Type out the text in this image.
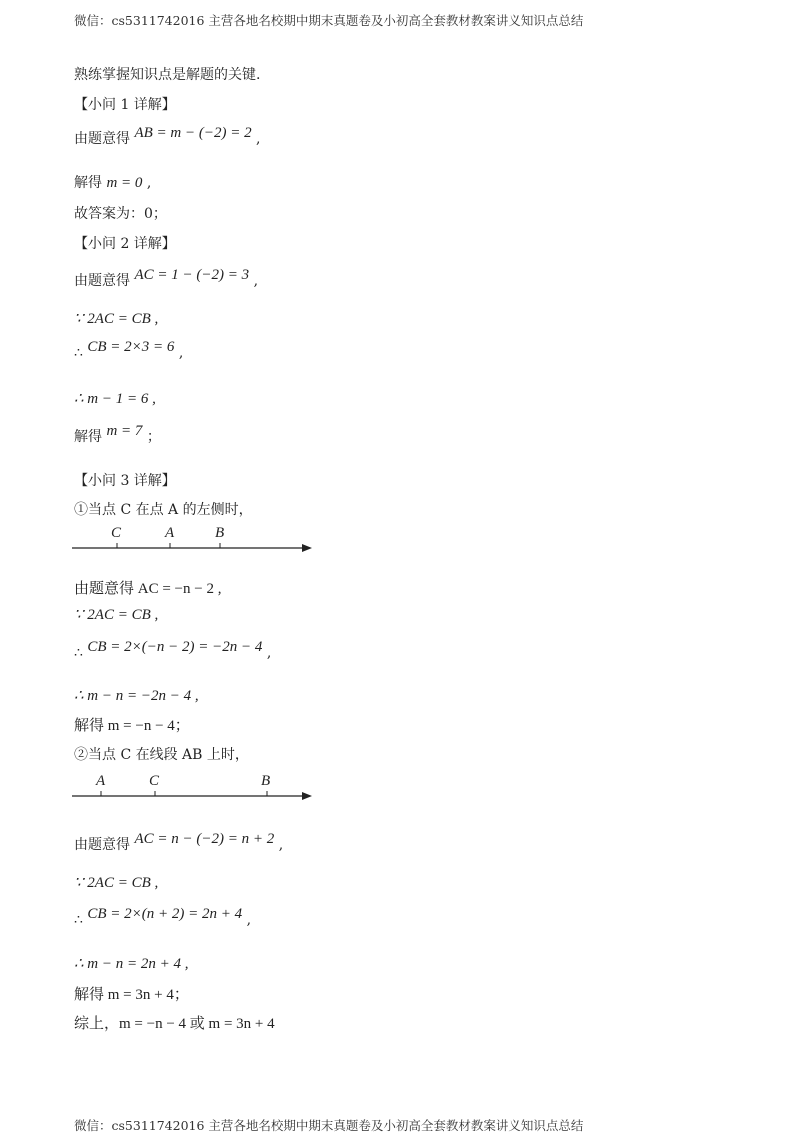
微信：cs5311742016 主营各地名校期中期末真题卷及小初高全套教材教案讲义知识点总结
熟练掌握知识点是解题的关键.
【小问 1 详解】
由题意得 AB = m − (−2) = 2 ,
解得 m = 0 ,
故答案为：0；
【小问 2 详解】
由题意得 AC = 1 − (−2) = 3 ,
∵ 2AC = CB ,
∴ CB = 2×3 = 6 ,
∴ m − 1 = 6 ,
解得 m = 7 ；
【小问 3 详解】
①当点 C 在点 A 的左侧时，
C	A	B
由题意得 AC = −n − 2 ,
∵ 2AC = CB ,
∴ CB = 2×(−n − 2) = −2n − 4 ,
∴ m − n = −2n − 4 ,
解得 m = −n − 4；
②当点 C 在线段 AB 上时，
A	C	B
由题意得 AC = n − (−2) = n + 2 ,
∵ 2AC = CB ,
∴ CB = 2×(n + 2) = 2n + 4 ,
∴ m − n = 2n + 4 ,
解得 m = 3n + 4；
综上，m = −n − 4 或 m = 3n + 4
微信：cs5311742016 主营各地名校期中期末真题卷及小初高全套教材教案讲义知识点总结
